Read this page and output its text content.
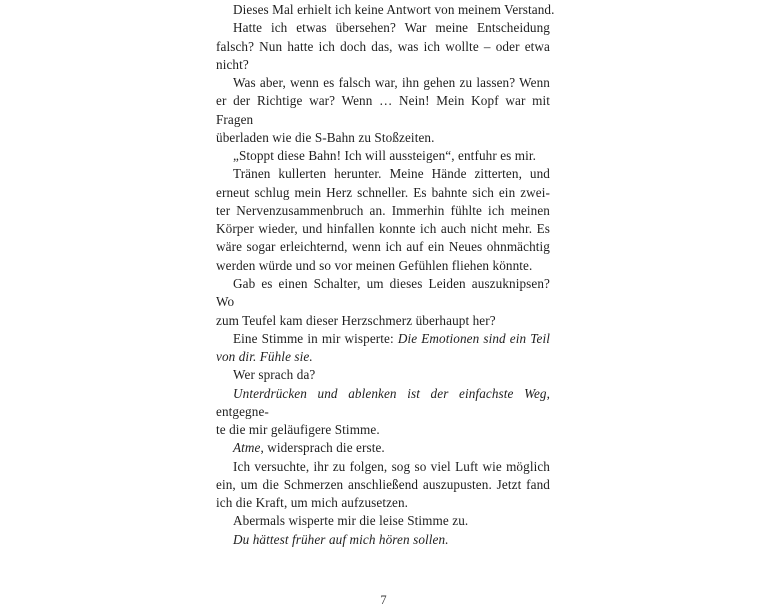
Dieses Mal erhielt ich keine Antwort von meinem Verstand.
Hatte ich etwas übersehen? War meine Entscheidung
falsch? Nun hatte ich doch das, was ich wollte – oder etwa
nicht?
Was aber, wenn es falsch war, ihn gehen zu lassen? Wenn
er der Richtige war? Wenn … Nein! Mein Kopf war mit Fragen
überladen wie die S-Bahn zu Stoßzeiten.
„Stoppt diese Bahn! Ich will aussteigen“, entfuhr es mir.
Tränen kullerten herunter. Meine Hände zitterten, und
erneut schlug mein Herz schneller. Es bahnte sich ein zwei-
ter Nervenzusammenbruch an. Immerhin fühlte ich meinen
Körper wieder, und hinfallen konnte ich auch nicht mehr. Es
wäre sogar erleichternd, wenn ich auf ein Neues ohnmächtig
werden würde und so vor meinen Gefühlen fliehen könnte.
Gab es einen Schalter, um dieses Leiden auszuknipsen? Wo
zum Teufel kam dieser Herzschmerz überhaupt her?
Eine Stimme in mir wisperte: Die Emotionen sind ein Teil
von dir. Fühle sie.
Wer sprach da?
Unterdrücken und ablenken ist der einfachste Weg, entgegne-
te die mir geläufigere Stimme.
Atme, widersprach die erste.
Ich versuchte, ihr zu folgen, sog so viel Luft wie möglich
ein, um die Schmerzen anschließend auszupusten. Jetzt fand
ich die Kraft, um mich aufzusetzen.
Abermals wisperte mir die leise Stimme zu.
Du hättest früher auf mich hören sollen.
7
